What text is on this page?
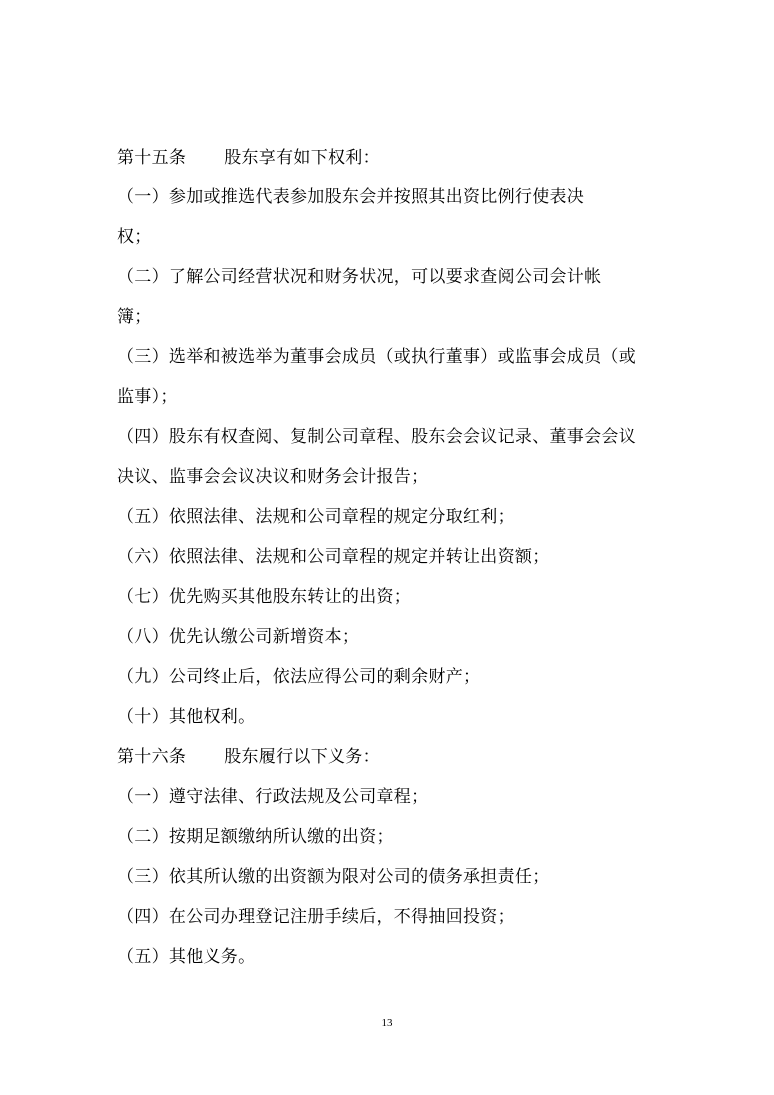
第十五条 股东享有如下权利：
（一）参加或推选代表参加股东会并按照其出资比例行使表决
权；
（二）了解公司经营状况和财务状况，可以要求查阅公司会计帐
簿；
（三）选举和被选举为董事会成员（或执行董事）或监事会成员（或
监事）；
（四）股东有权查阅、复制公司章程、股东会会议记录、董事会会议
决议、监事会会议决议和财务会计报告；
（五）依照法律、法规和公司章程的规定分取红利；
（六）依照法律、法规和公司章程的规定并转让出资额；
（七）优先购买其他股东转让的出资；
（八）优先认缴公司新增资本；
（九）公司终止后，依法应得公司的剩余财产；
（十）其他权利。
第十六条 股东履行以下义务：
（一）遵守法律、行政法规及公司章程；
（二）按期足额缴纳所认缴的出资；
（三）依其所认缴的出资额为限对公司的债务承担责任；
（四）在公司办理登记注册手续后，不得抽回投资；
（五）其他义务。
13
